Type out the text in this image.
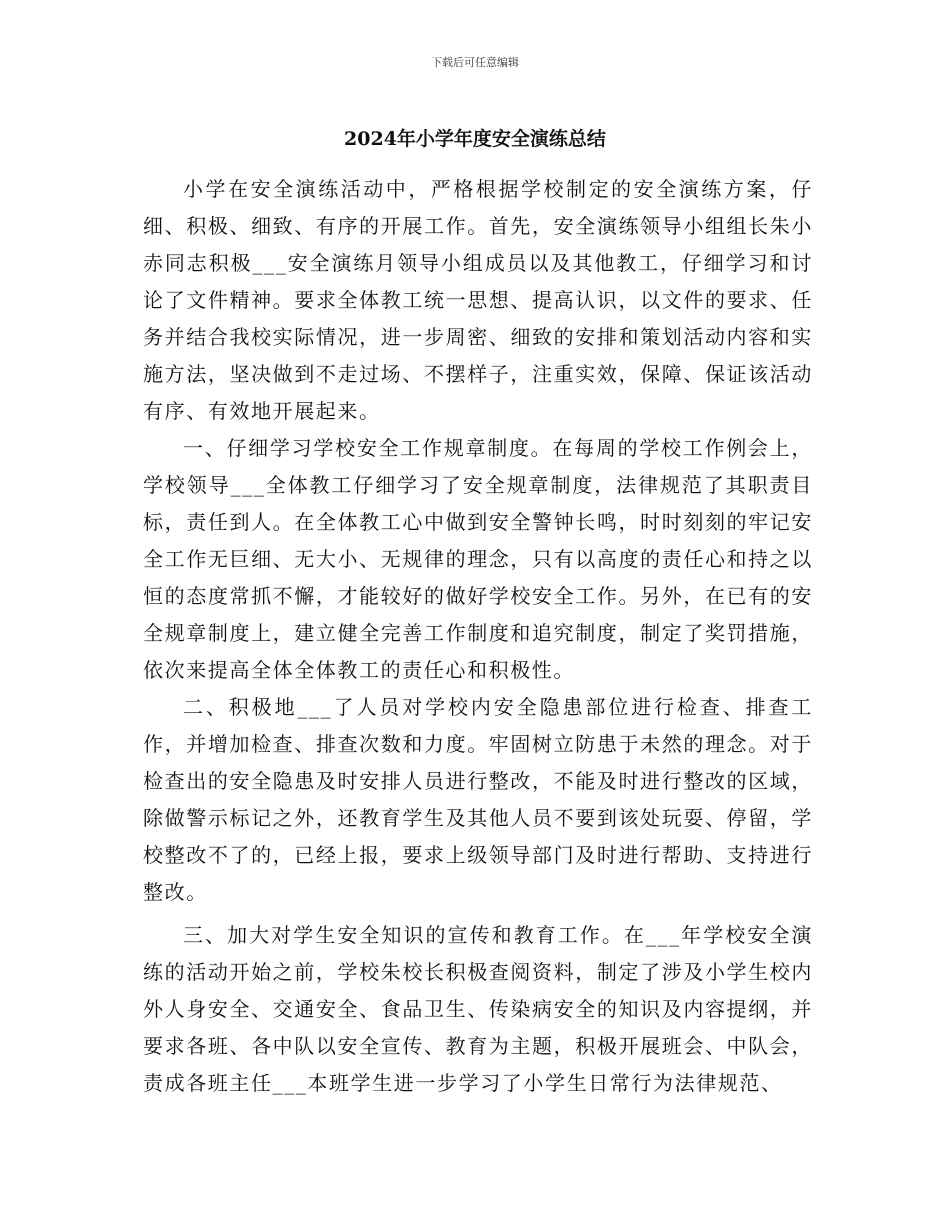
下载后可任意编辑
2024年小学年度安全演练总结

小学在安全演练活动中，严格根据学校制定的安全演练方案，仔细、积极、细致、有序的开展工作。首先，安全演练领导小组组长朱小赤同志积极___安全演练月领导小组成员以及其他教工，仔细学习和讨论了文件精神。要求全体教工统一思想、提高认识，以文件的要求、任务并结合我校实际情况，进一步周密、细致的安排和策划活动内容和实施方法，坚决做到不走过场、不摆样子，注重实效，保障、保证该活动有序、有效地开展起来。

一、仔细学习学校安全工作规章制度。在每周的学校工作例会上，学校领导___全体教工仔细学习了安全规章制度，法律规范了其职责目标，责任到人。在全体教工心中做到安全警钟长鸣，时时刻刻的牢记安全工作无巨细、无大小、无规律的理念，只有以高度的责任心和持之以恒的态度常抓不懈，才能较好的做好学校安全工作。另外，在已有的安全规章制度上，建立健全完善工作制度和追究制度，制定了奖罚措施，依次来提高全体全体教工的责任心和积极性。

二、积极地___了人员对学校内安全隐患部位进行检查、排查工作，并增加检查、排查次数和力度。牢固树立防患于未然的理念。对于检查出的安全隐患及时安排人员进行整改，不能及时进行整改的区域，除做警示标记之外，还教育学生及其他人员不要到该处玩耍、停留，学校整改不了的，已经上报，要求上级领导部门及时进行帮助、支持进行整改。

三、加大对学生安全知识的宣传和教育工作。在___年学校安全演练的活动开始之前，学校朱校长积极查阅资料，制定了涉及小学生校内外人身安全、交通安全、食品卫生、传染病安全的知识及内容提纲，并要求各班、各中队以安全宣传、教育为主题，积极开展班会、中队会，责成各班主任___本班学生进一步学习了小学生日常行为法律规范、
